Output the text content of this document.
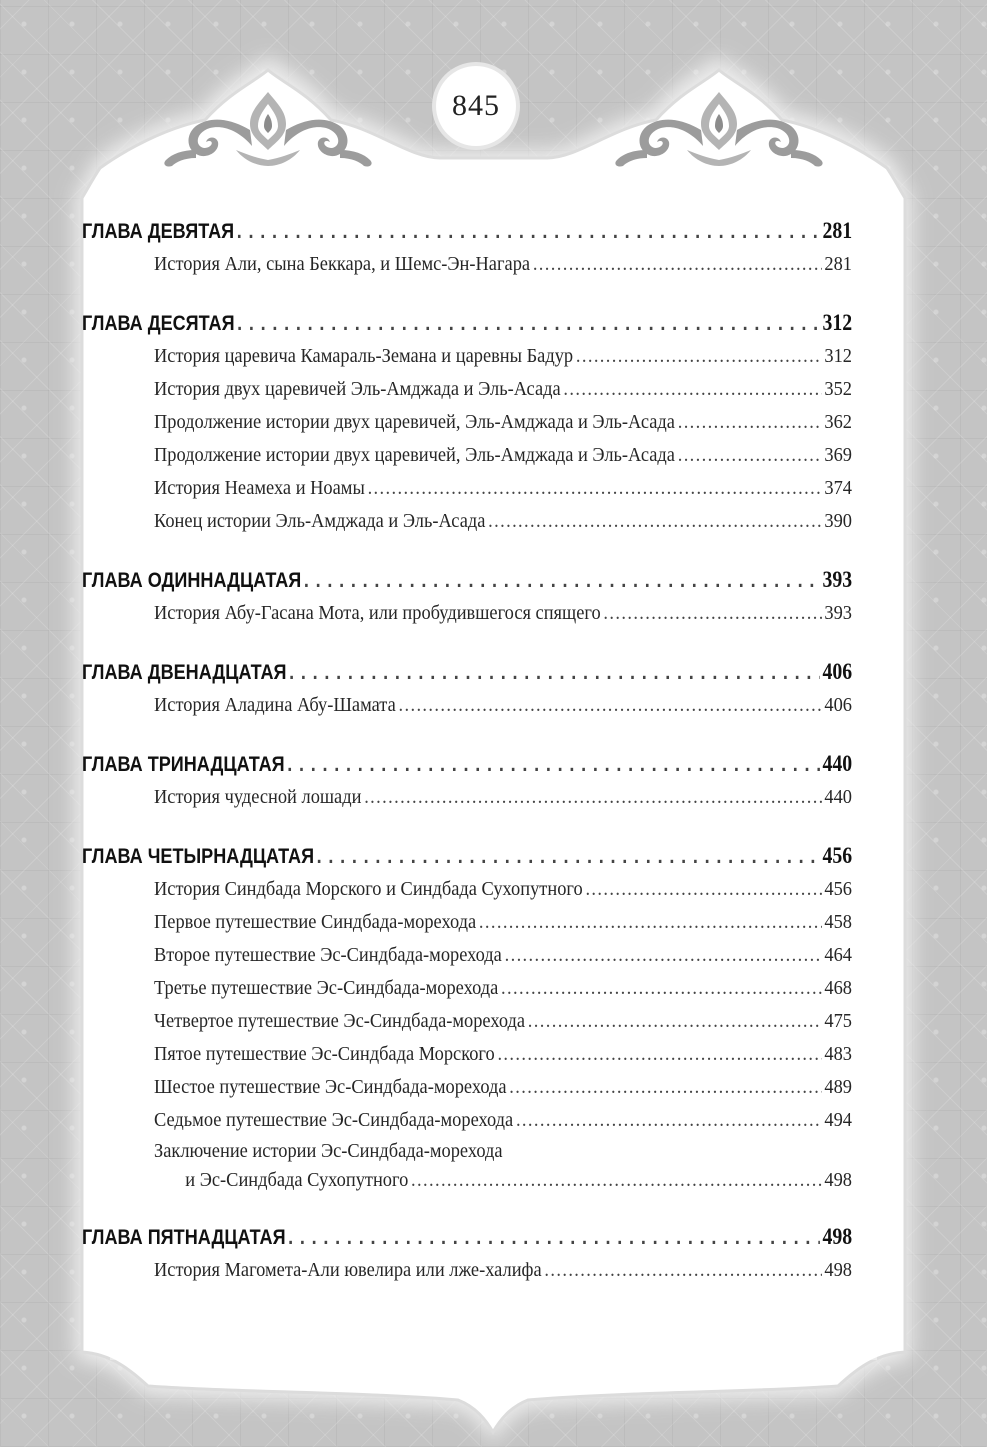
845
ГЛАВА ДЕВЯТАЯ . . .	281
История Али, сына Беккара, и Шемс-Эн-Нагара .....	281
ГЛАВА ДЕСЯТАЯ . . .	312
История царевича Камараль-Земана и царевны Бадур .....	312
История двух царевичей Эль-Амджада и Эль-Асада .....	352
Продолжение истории двух царевичей, Эль-Амджада и Эль-Асада .....	362
Продолжение истории двух царевичей, Эль-Амджада и Эль-Асада .....	369
История Неамеха и Ноамы .....	374
Конец истории Эль-Амджада и Эль-Асада .....	390
ГЛАВА ОДИННАДЦАТАЯ . . .	393
История Абу-Гасана Мота, или пробудившегося спящего .....	393
ГЛАВА ДВЕНАДЦАТАЯ . . .	406
История Аладина Абу-Шамата .....	406
ГЛАВА ТРИНАДЦАТАЯ . . .	440
История чудесной лошади .....	440
ГЛАВА ЧЕТЫРНАДЦАТАЯ . . .	456
История Синдбада Морского и Синдбада Сухопутного .....	456
Первое путешествие Синдбада-морехода .....	458
Второе путешествие Эс-Синдбада-морехода .....	464
Третье путешествие Эс-Синдбада-морехода .....	468
Четвертое путешествие Эс-Синдбада-морехода .....	475
Пятое путешествие Эс-Синдбада Морского .....	483
Шестое путешествие Эс-Синдбада-морехода .....	489
Седьмое путешествие Эс-Синдбада-морехода .....	494
Заключение истории Эс-Синдбада-морехода
и Эс-Синдбада Сухопутного .....	498
ГЛАВА ПЯТНАДЦАТАЯ . . .	498
История Магомета-Али ювелира или лже-халифа .....	498
